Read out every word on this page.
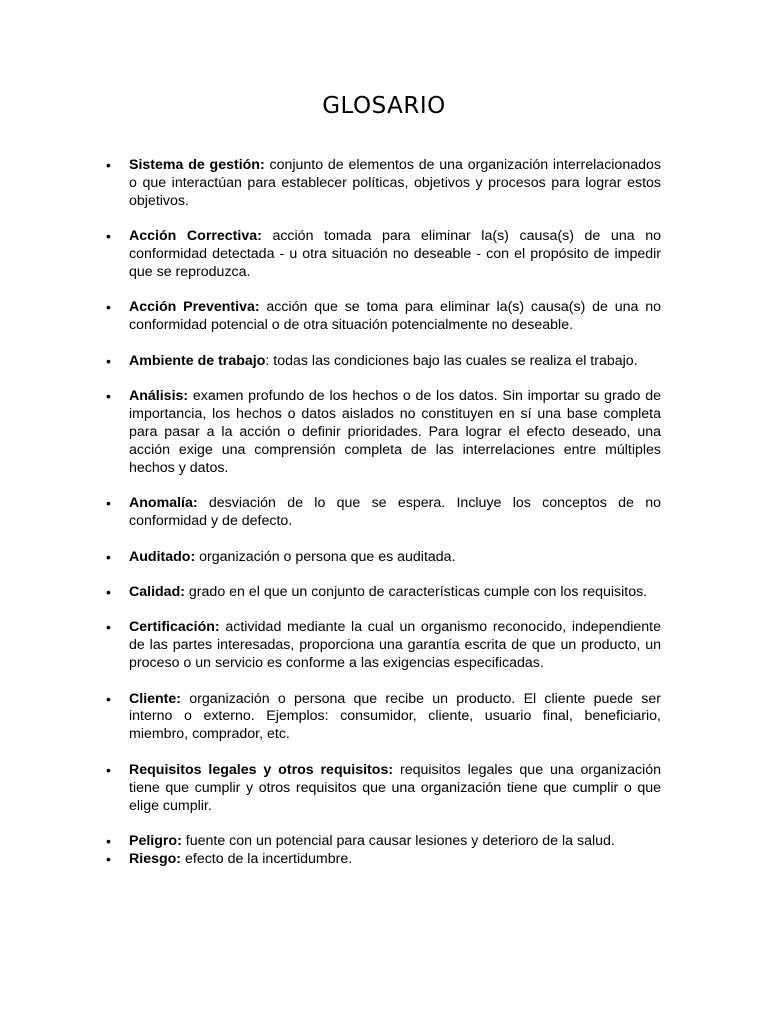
GLOSARIO
•	Sistema de gestión: conjunto de elementos de una organización interrelacionados o que interactúan para establecer políticas, objetivos y procesos para lograr estos objetivos.
•	Acción Correctiva: acción tomada para eliminar la(s) causa(s) de una no conformidad detectada - u otra situación no deseable - con el propósito de impedir que se reproduzca.
•	Acción Preventiva: acción que se toma para eliminar la(s) causa(s) de una no conformidad potencial o de otra situación potencialmente no deseable.
•	Ambiente de trabajo: todas las condiciones bajo las cuales se realiza el trabajo.
•	Análisis: examen profundo de los hechos o de los datos. Sin importar su grado de importancia, los hechos o datos aislados no constituyen en sí una base completa para pasar a la acción o definir prioridades. Para lograr el efecto deseado, una acción exige una comprensión completa de las interrelaciones entre múltiples hechos y datos.
•	Anomalía: desviación de lo que se espera. Incluye los conceptos de no conformidad y de defecto.
•	Auditado: organización o persona que es auditada.
•	Calidad: grado en el que un conjunto de características cumple con los requisitos.
•	Certificación: actividad mediante la cual un organismo reconocido, independiente de las partes interesadas, proporciona una garantía escrita de que un producto, un proceso o un servicio es conforme a las exigencias especificadas.
•	Cliente: organización o persona que recibe un producto. El cliente puede ser interno o externo. Ejemplos: consumidor, cliente, usuario final, beneficiario, miembro, comprador, etc.
•	Requisitos legales y otros requisitos: requisitos legales que una organización tiene que cumplir y otros requisitos que una organización tiene que cumplir o que elige cumplir.
•	Peligro: fuente con un potencial para causar lesiones y deterioro de la salud.
•	Riesgo: efecto de la incertidumbre.
